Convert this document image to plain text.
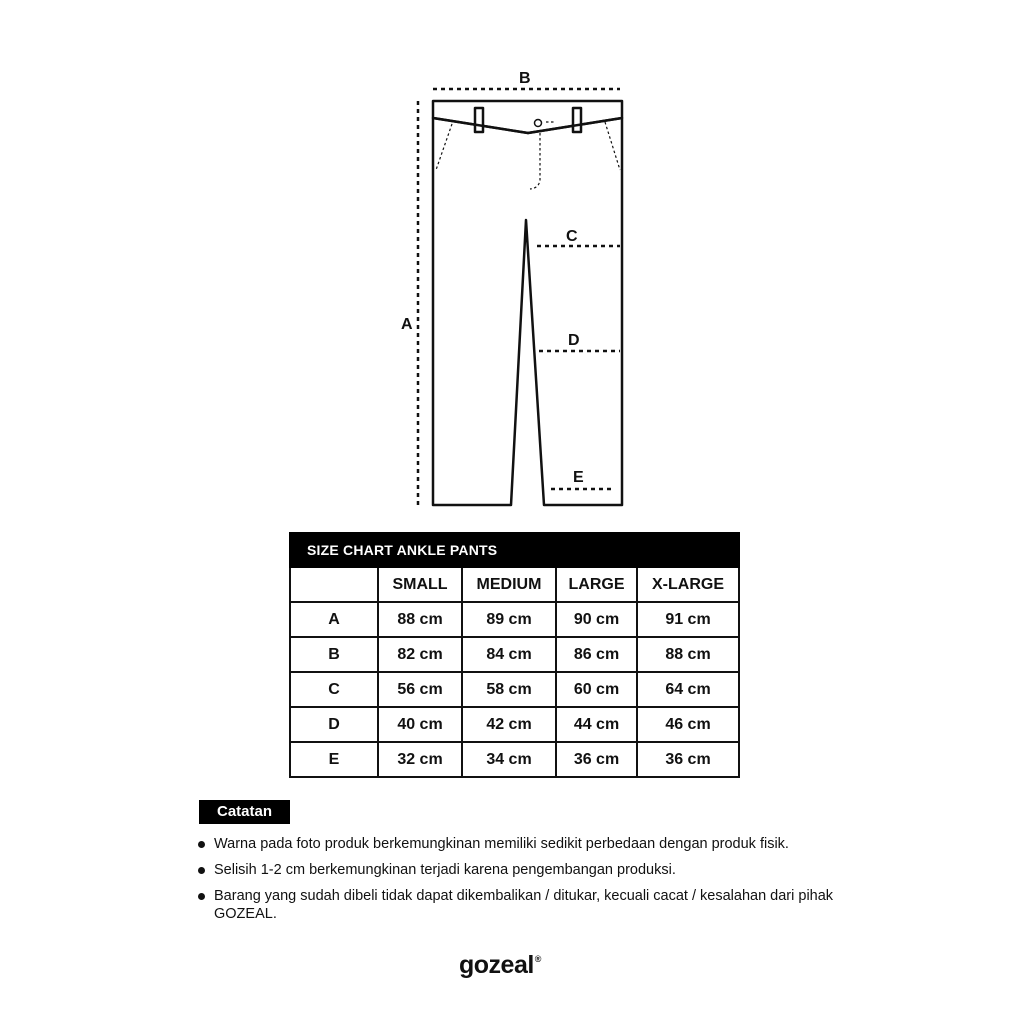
B
A
C
D
E
SIZE CHART ANKLE PANTS				
	SMALL	MEDIUM	LARGE	X-LARGE
A	88 cm	89 cm	90 cm	91 cm
B	82 cm	84 cm	86 cm	88 cm
C	56 cm	58 cm	60 cm	64 cm
D	40 cm	42 cm	44 cm	46 cm
E	32 cm	34 cm	36 cm	36 cm
Catatan
Warna pada foto produk berkemungkinan memiliki sedikit perbedaan dengan produk fisik.
Selisih 1-2 cm berkemungkinan terjadi karena pengembangan produksi.
Barang yang sudah dibeli tidak dapat dikembalikan / ditukar, kecuali cacat / kesalahan dari pihak GOZEAL.
gozeal®
